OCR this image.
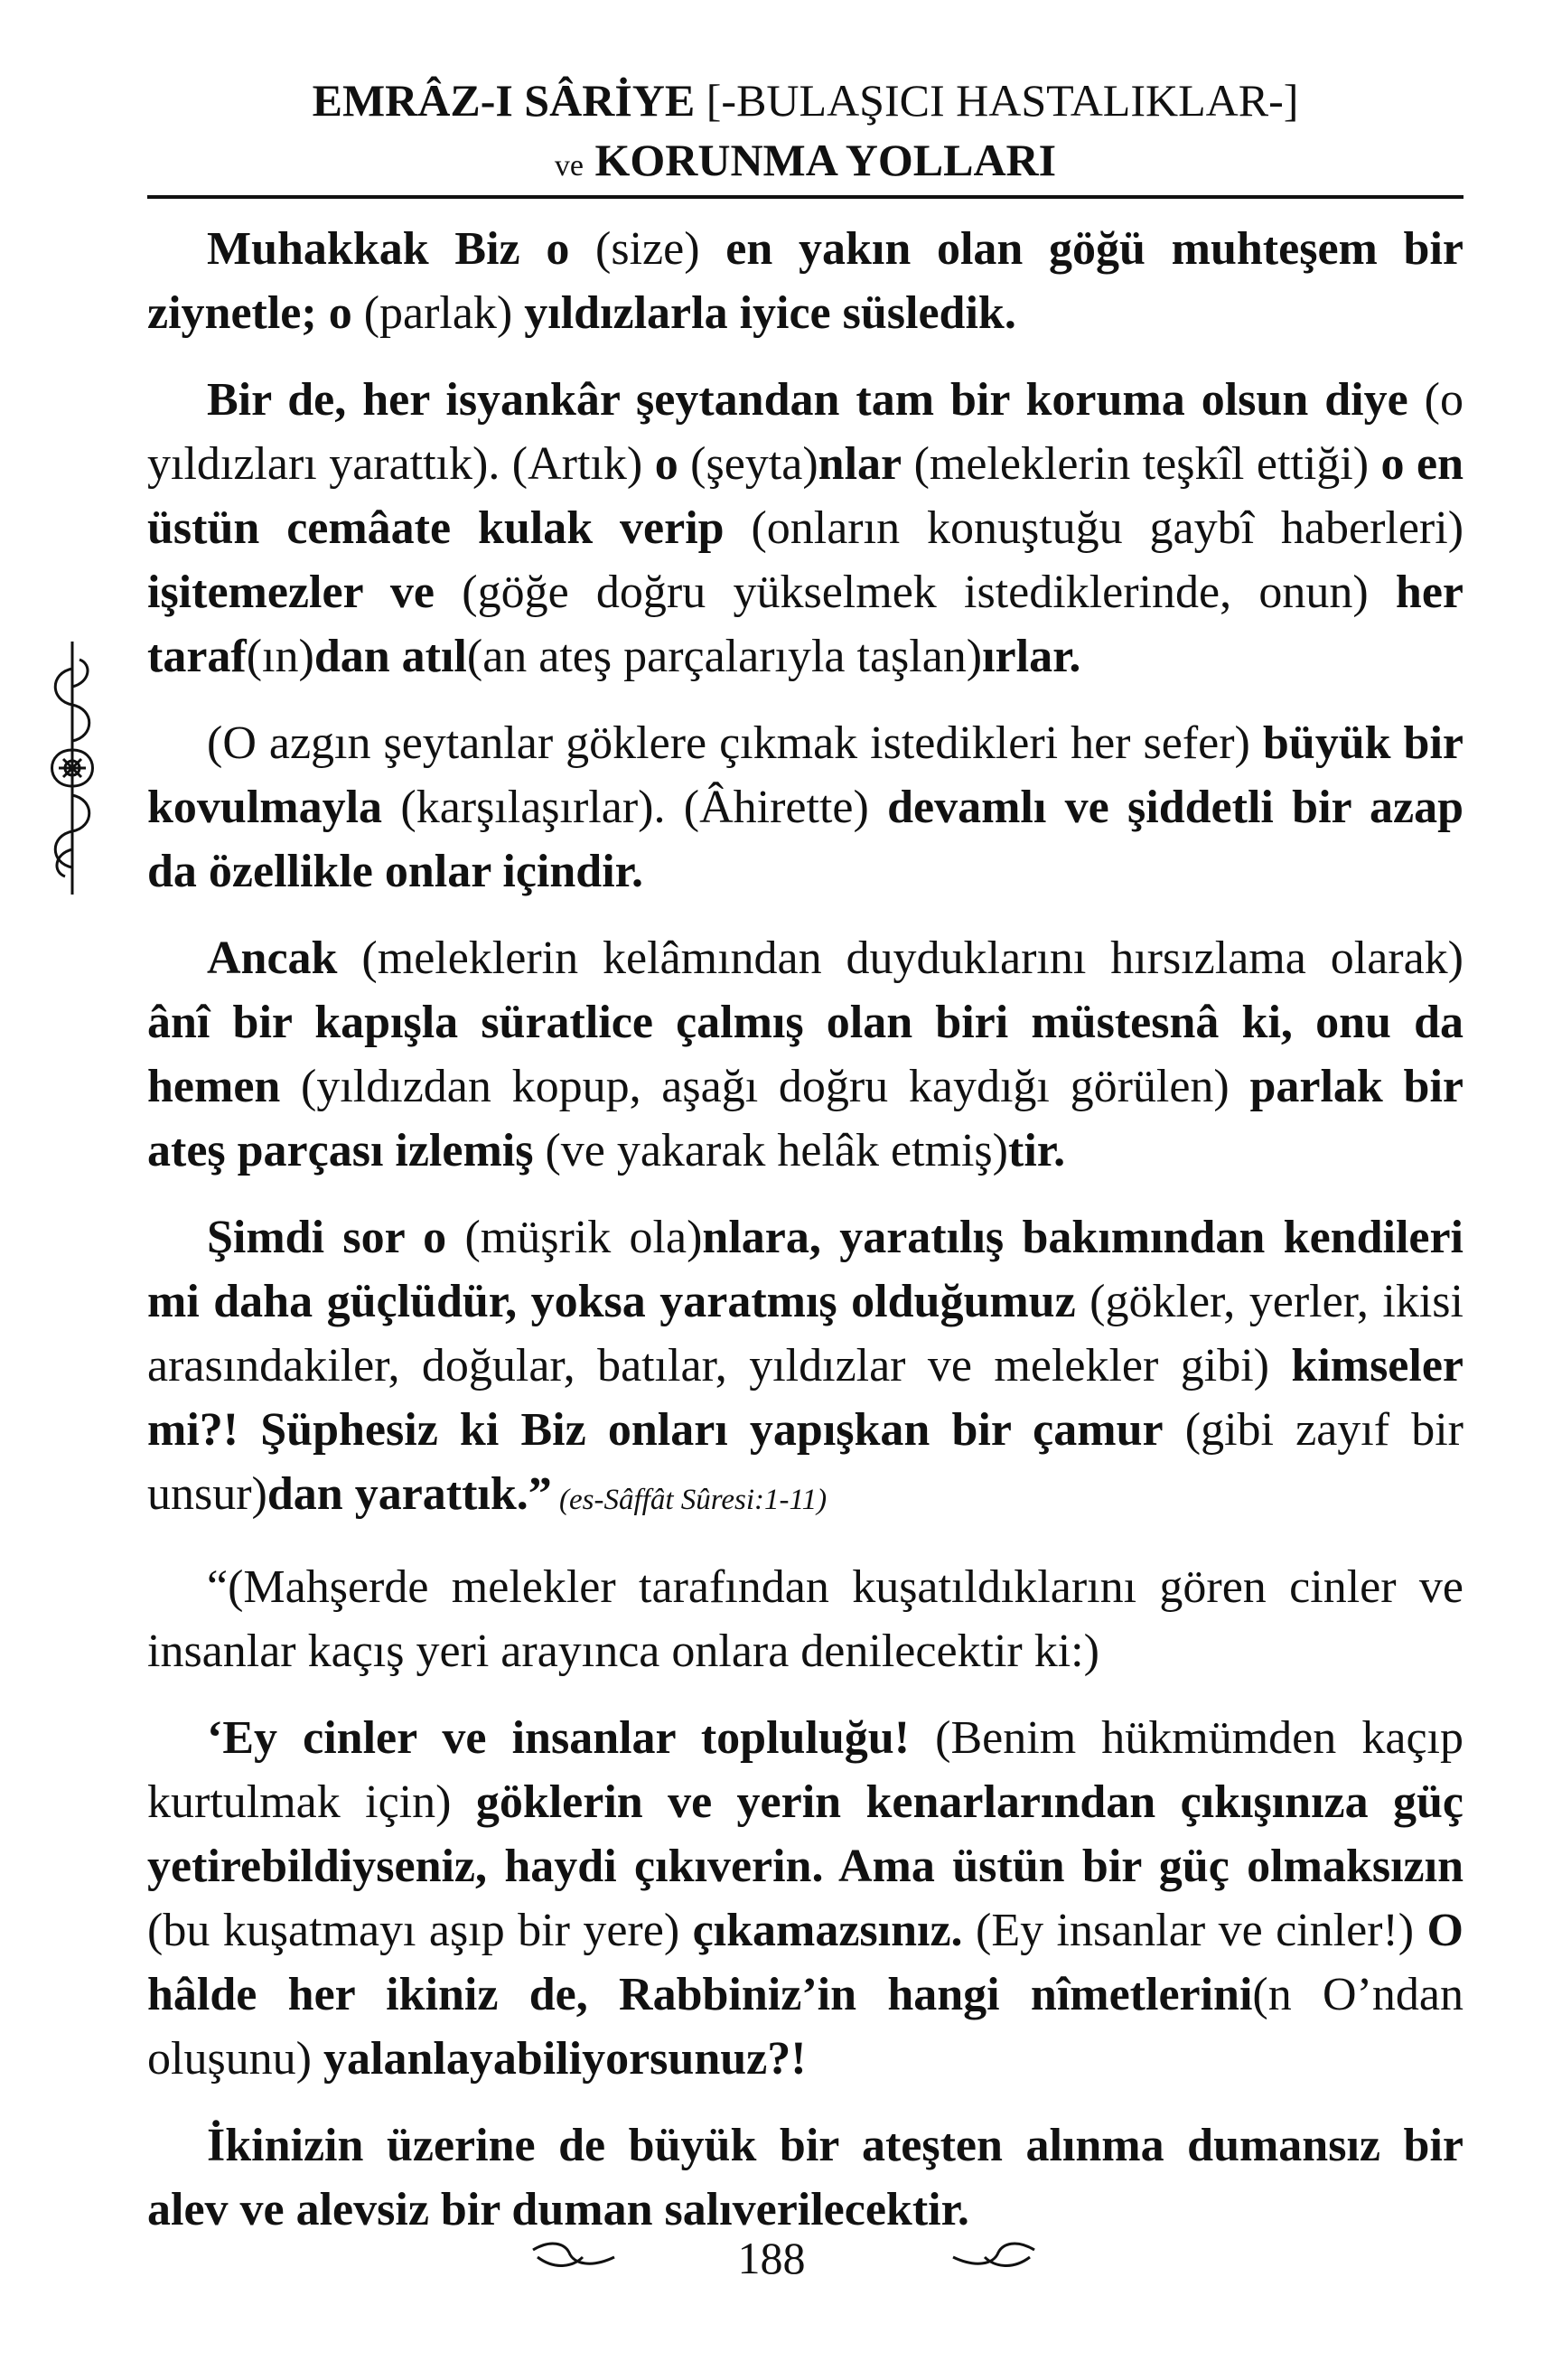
EMRÂZ-I SÂRİYE [-BULAŞICI HASTALIKLAR-]
ve KORUNMA YOLLARI

Muhakkak Biz o (size) en yakın olan göğü muhteşem bir ziynetle; o (parlak) yıldızlarla iyice süsledik.

Bir de, her isyankâr şeytandan tam bir koruma olsun diye (o yıldızları yarattık). (Artık) o (şeyta)nlar (meleklerin teşkîl ettiği) o en üstün cemâate kulak verip (onların konuştuğu gaybî haberleri) işitemezler ve (göğe doğru yükselmek istediklerinde, onun) her taraf(ın)dan atıl(an ateş parçalarıyla taşlan)ırlar.

(O azgın şeytanlar göklere çıkmak istedikleri her sefer) büyük bir kovulmayla (karşılaşırlar). (Âhirette) devamlı ve şiddetli bir azap da özellikle onlar içindir.

Ancak (meleklerin kelâmından duyduklarını hırsızlama olarak) ânî bir kapışla süratlice çalmış olan biri müstesnâ ki, onu da hemen (yıldızdan kopup, aşağı doğru kaydığı görülen) parlak bir ateş parçası izlemiş (ve yakarak helâk etmiş)tir.

Şimdi sor o (müşrik ola)nlara, yaratılış bakımından kendileri mi daha güçlüdür, yoksa yaratmış olduğumuz (gökler, yerler, ikisi arasındakiler, doğular, batılar, yıldızlar ve melekler gibi) kimseler mi?! Şüphesiz ki Biz onları yapışkan bir çamur (gibi zayıf bir unsur)dan yarattık.” (es-Sâffât Sûresi:1-11)

“(Mahşerde melekler tarafından kuşatıldıklarını gören cinler ve insanlar kaçış yeri arayınca onlara denilecektir ki:)

‘Ey cinler ve insanlar topluluğu! (Benim hükmümden kaçıp kurtulmak için) göklerin ve yerin kenarlarından çıkışınıza güç yetirebildiyseniz, haydi çıkıverin. Ama üstün bir güç olmaksızın (bu kuşatmayı aşıp bir yere) çıkamazsınız. (Ey insanlar ve cinler!) O hâlde her ikiniz de, Rabbiniz’in hangi nîmetlerini(n O’ndan oluşunu) yalanlayabiliyorsunuz?!

İkinizin üzerine de büyük bir ateşten alınma dumansız bir alev ve alevsiz bir duman salıverilecektir.

188
